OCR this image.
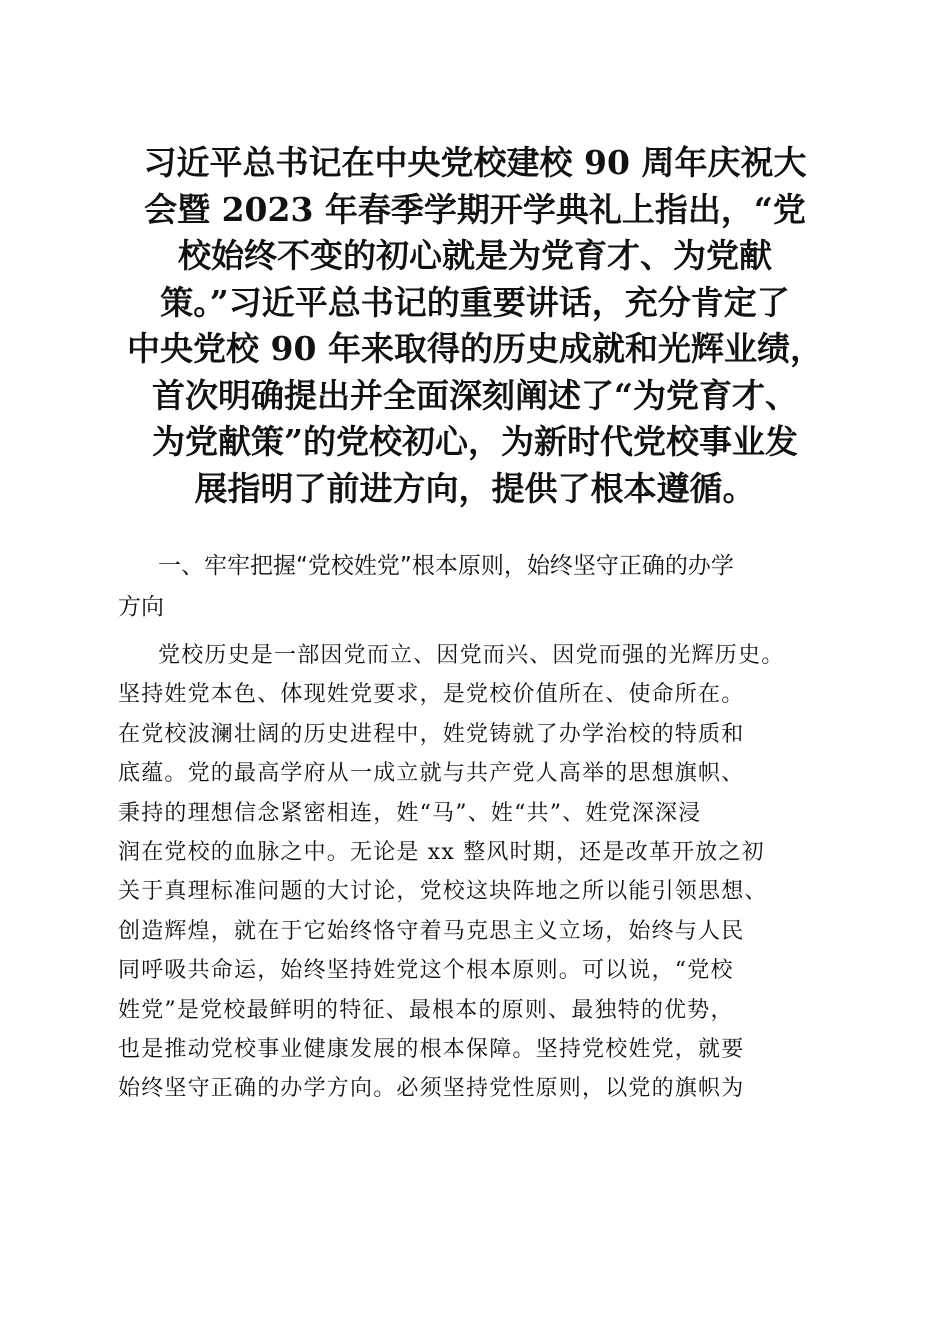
习近平总书记在中央党校建校 90 周年庆祝大
会暨 2023 年春季学期开学典礼上指出，“党
校始终不变的初心就是为党育才、为党献
策。”习近平总书记的重要讲话，充分肯定了
中央党校 90 年来取得的历史成就和光辉业绩，
首次明确提出并全面深刻阐述了“为党育才、
为党献策”的党校初心，为新时代党校事业发
展指明了前进方向，提供了根本遵循。
一、牢牢把握“党校姓党”根本原则，始终坚守正确的办学
方向
党校历史是一部因党而立、因党而兴、因党而强的光辉历史。
坚持姓党本色、体现姓党要求，是党校价值所在、使命所在。
在党校波澜壮阔的历史进程中，姓党铸就了办学治校的特质和
底蕴。党的最高学府从一成立就与共产党人高举的思想旗帜、
秉持的理想信念紧密相连，姓“马”、姓“共”、姓党深深浸
润在党校的血脉之中。无论是 xx 整风时期，还是改革开放之初
关于真理标准问题的大讨论，党校这块阵地之所以能引领思想、
创造辉煌，就在于它始终恪守着马克思主义立场，始终与人民
同呼吸共命运，始终坚持姓党这个根本原则。可以说，“党校
姓党”是党校最鲜明的特征、最根本的原则、最独特的优势，
也是推动党校事业健康发展的根本保障。坚持党校姓党，就要
始终坚守正确的办学方向。必须坚持党性原则，以党的旗帜为
